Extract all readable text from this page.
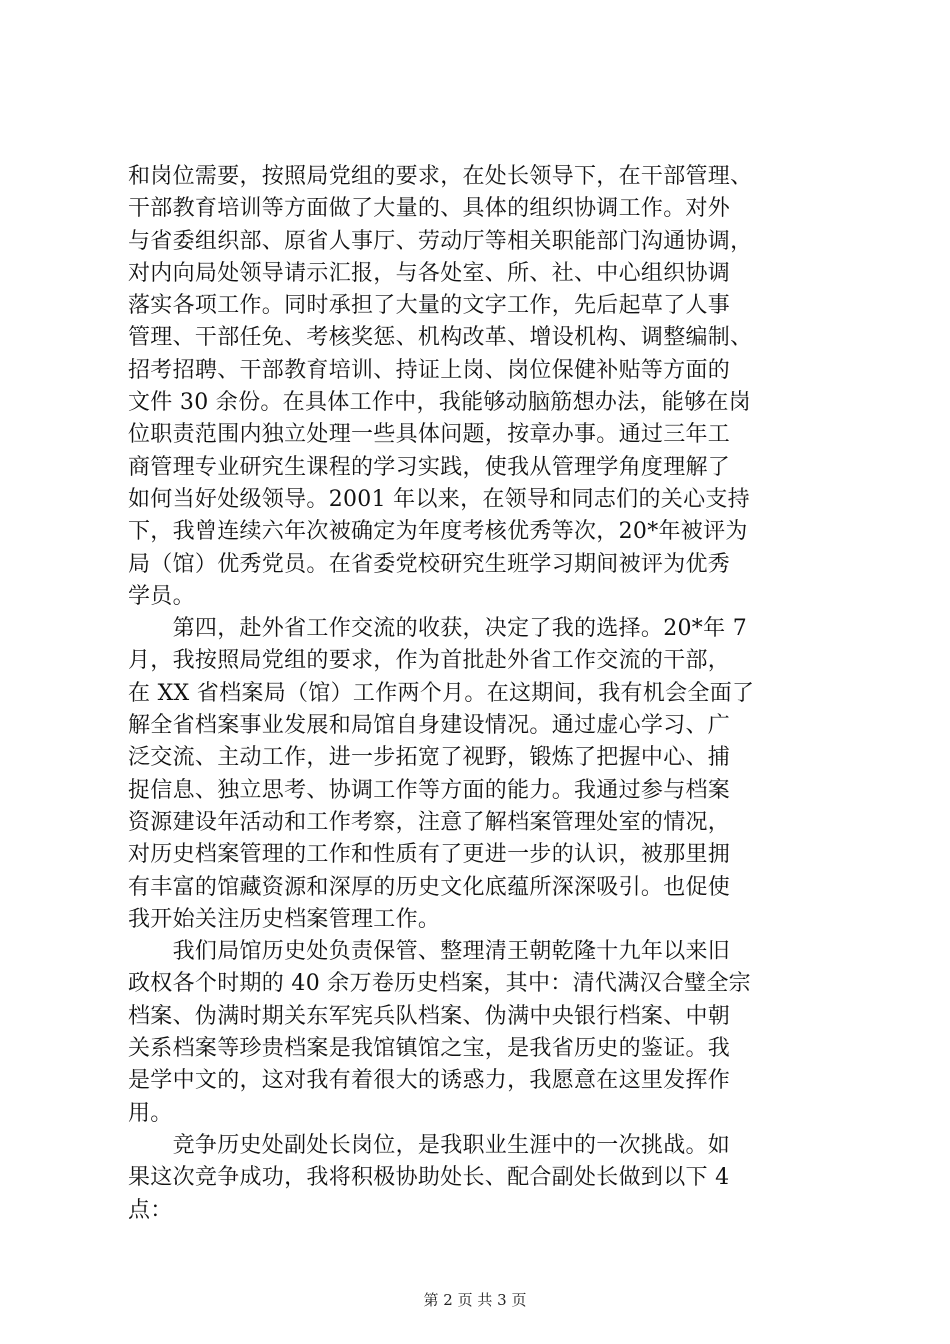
和岗位需要，按照局党组的要求，在处长领导下，在干部管理、
干部教育培训等方面做了大量的、具体的组织协调工作。对外
与省委组织部、原省人事厅、劳动厅等相关职能部门沟通协调，
对内向局处领导请示汇报，与各处室、所、社、中心组织协调
落实各项工作。同时承担了大量的文字工作，先后起草了人事
管理、干部任免、考核奖惩、机构改革、增设机构、调整编制、
招考招聘、干部教育培训、持证上岗、岗位保健补贴等方面的
文件 30 余份。在具体工作中，我能够动脑筋想办法，能够在岗
位职责范围内独立处理一些具体问题，按章办事。通过三年工
商管理专业研究生课程的学习实践，使我从管理学角度理解了
如何当好处级领导。2001 年以来，在领导和同志们的关心支持
下，我曾连续六年次被确定为年度考核优秀等次，20*年被评为
局（馆）优秀党员。在省委党校研究生班学习期间被评为优秀
学员。
　　第四，赴外省工作交流的收获，决定了我的选择。20*年 7
月，我按照局党组的要求，作为首批赴外省工作交流的干部，
在 XX 省档案局（馆）工作两个月。在这期间，我有机会全面了
解全省档案事业发展和局馆自身建设情况。通过虚心学习、广
泛交流、主动工作，进一步拓宽了视野，锻炼了把握中心、捕
捉信息、独立思考、协调工作等方面的能力。我通过参与档案
资源建设年活动和工作考察，注意了解档案管理处室的情况，
对历史档案管理的工作和性质有了更进一步的认识，被那里拥
有丰富的馆藏资源和深厚的历史文化底蕴所深深吸引。也促使
我开始关注历史档案管理工作。
　　我们局馆历史处负责保管、整理清王朝乾隆十九年以来旧
政权各个时期的 40 余万卷历史档案，其中：清代满汉合璧全宗
档案、伪满时期关东军宪兵队档案、伪满中央银行档案、中朝
关系档案等珍贵档案是我馆镇馆之宝，是我省历史的鉴证。我
是学中文的，这对我有着很大的诱惑力，我愿意在这里发挥作
用。
　　竞争历史处副处长岗位，是我职业生涯中的一次挑战。如
果这次竞争成功，我将积极协助处长、配合副处长做到以下 4
点：
第 2 页 共 3 页
